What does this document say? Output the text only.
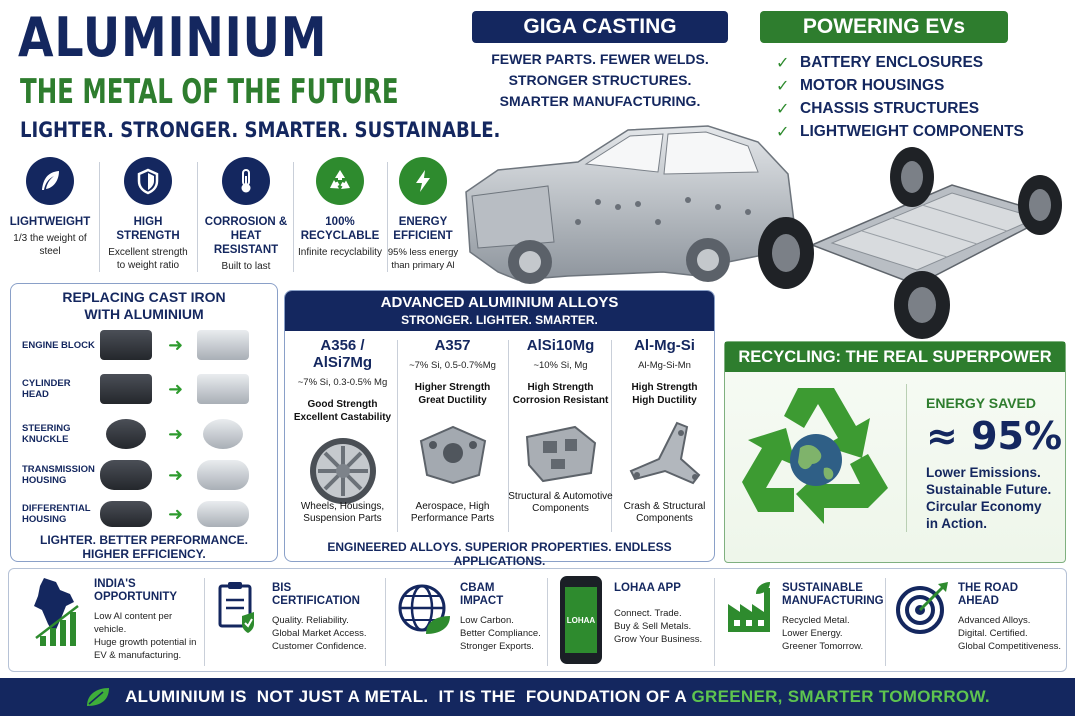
ALUMINIUM
THE METAL OF THE FUTURE
LIGHTER. STRONGER. SMARTER. SUSTAINABLE.
LIGHTWEIGHT
1/3 the weight of steel
HIGH STRENGTH
Excellent strength to weight ratio
CORROSION & HEAT RESISTANT
Built to last
100% RECYCLABLE
Infinite recyclability
ENERGY EFFICIENT
95% less energy than primary Al
GIGA CASTING
FEWER PARTS. FEWER WELDS.
STRONGER STRUCTURES.
SMARTER MANUFACTURING.
POWERING EVs
✓ BATTERY ENCLOSURES
✓ MOTOR HOUSINGS
✓ CHASSIS STRUCTURES
✓ LIGHTWEIGHT COMPONENTS
REPLACING CAST IRON
WITH ALUMINIUM
ENGINE BLOCK	➜
CYLINDER HEAD	➜
STEERING KNUCKLE	➜
TRANSMISSION HOUSING	➜
DIFFERENTIAL HOUSING	➜
LIGHTER. BETTER PERFORMANCE.
HIGHER EFFICIENCY.
ADVANCED ALUMINIUM ALLOYS
STRONGER. LIGHTER. SMARTER.
A356 / AlSi7Mg
~7% Si, 0.3-0.5% Mg
Good Strength
Excellent Castability
Wheels, Housings, Suspension Parts
A357
~7% Si, 0.5-0.7%Mg
Higher Strength
Great Ductility
Aerospace, High Performance Parts
AlSi10Mg
~10% Si, Mg
High Strength
Corrosion Resistant
Structural & Automotive Components
Al-Mg-Si
Al-Mg-Si-Mn
High Strength
High Ductility
Crash & Structural Components
ENGINEERED ALLOYS. SUPERIOR PROPERTIES. ENDLESS APPLICATIONS.
RECYCLING: THE REAL SUPERPOWER
ENERGY SAVED
≈ 95%
Lower Emissions.
Sustainable Future.
Circular Economy
in Action.
INDIA'S OPPORTUNITY
Low Al content per vehicle.
Huge growth potential in
EV & manufacturing.
BIS CERTIFICATION
Quality. Reliability.
Global Market Access.
Customer Confidence.
CBAM IMPACT
Low Carbon.
Better Compliance.
Stronger Exports.
LOHAA
LOHAA APP
Connect. Trade.
Buy & Sell Metals.
Grow Your Business.
SUSTAINABLE MANUFACTURING
Recycled Metal.
Lower Energy.
Greener Tomorrow.
THE ROAD AHEAD
Advanced Alloys.
Digital. Certified.
Global Competitiveness.
ALUMINIUM IS  NOT JUST A METAL.  IT IS THE  FOUNDATION OF A GREENER, SMARTER TOMORROW.
